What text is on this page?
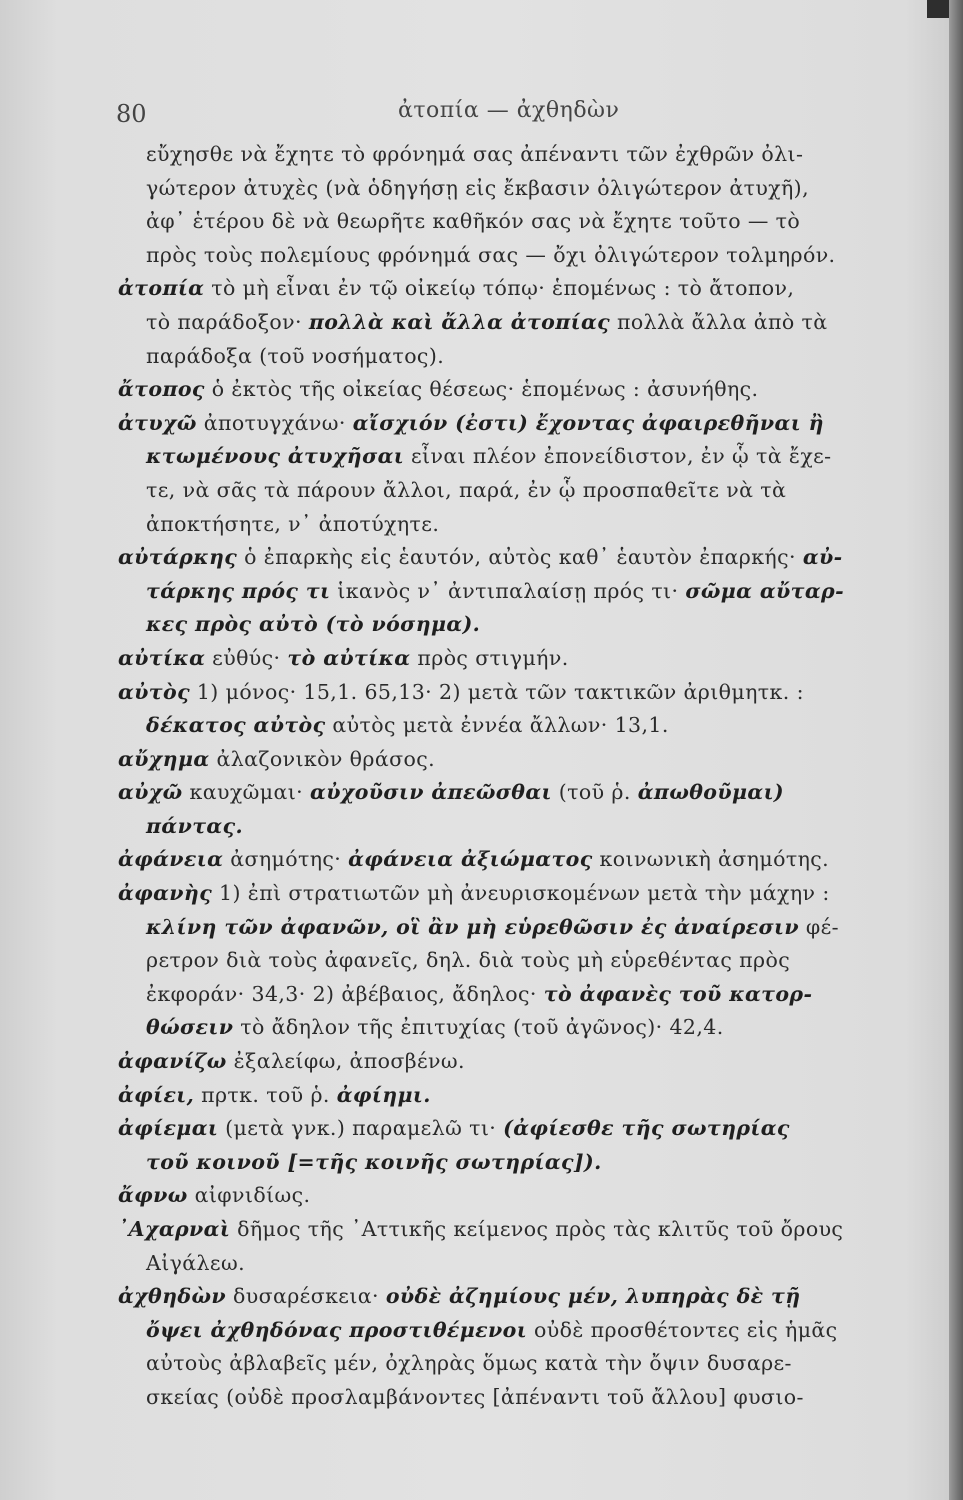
80	ἀτοπία — ἀχθηδὼν
εὔχησθε νὰ ἔχητε τὸ φρόνημά σας ἀπέναντι τῶν ἐχθρῶν ὀλι-
γώτερον ἀτυχὲς (νὰ ὁδηγήσῃ εἰς ἔκβασιν ὀλιγώτερον ἀτυχῆ),
ἀφ᾽ ἑτέρου δὲ νὰ θεωρῆτε καθῆκόν σας νὰ ἔχητε τοῦτο — τὸ
πρὸς τοὺς πολεμίους φρόνημά σας — ὄχι ὀλιγώτερον τολμηρόν.
ἀτοπία τὸ μὴ εἶναι ἐν τῷ οἰκείῳ τόπῳ· ἑπομένως : τὸ ἄτοπον,
τὸ παράδοξον· πολλὰ καὶ ἄλλα ἀτοπίας πολλὰ ἄλλα ἀπὸ τὰ
παράδοξα (τοῦ νοσήματος).
ἄτοπος ὁ ἐκτὸς τῆς οἰκείας θέσεως· ἑπομένως : ἀσυνήθης.
ἀτυχῶ ἀποτυγχάνω· αἴσχιόν (ἐστι) ἔχοντας ἀφαιρεθῆναι ἢ
κτωμένους ἀτυχῆσαι εἶναι πλέον ἐπονείδιστον, ἐν ᾧ τὰ ἔχε-
τε, νὰ σᾶς τὰ πάρουν ἄλλοι, παρά, ἐν ᾧ προσπαθεῖτε νὰ τὰ
ἀποκτήσητε, ν᾽ ἀποτύχητε.
αὐτάρκης ὁ ἐπαρκὴς εἰς ἑαυτόν, αὐτὸς καθ᾽ ἑαυτὸν ἐπαρκής· αὐ-
τάρκης πρός τι ἱκανὸς ν᾽ ἀντιπαλαίσῃ πρός τι· σῶμα αὔταρ-
κες πρὸς αὐτὸ (τὸ νόσημα).
αὐτίκα εὐθύς· τὸ αὐτίκα πρὸς στιγμήν.
αὐτὸς 1) μόνος· 15,1. 65,13· 2) μετὰ τῶν τακτικῶν ἀριθμητκ. :
δέκατος αὐτὸς αὐτὸς μετὰ ἐννέα ἄλλων· 13,1.
αὔχημα ἀλαζονικὸν θράσος.
αὐχῶ καυχῶμαι· αὐχοῦσιν ἀπεῶσθαι (τοῦ ῥ. ἀπωθοῦμαι)
πάντας.
ἀφάνεια ἀσημότης· ἀφάνεια ἀξιώματος κοινωνικὴ ἀσημότης.
ἀφανὴς 1) ἐπὶ στρατιωτῶν μὴ ἀνευρισκομένων μετὰ τὴν μάχην :
κλίνη τῶν ἀφανῶν, οἳ ἂν μὴ εὑρεθῶσιν ἐς ἀναίρεσιν φέ-
ρετρον διὰ τοὺς ἀφανεῖς, δηλ. διὰ τοὺς μὴ εὑρεθέντας πρὸς
ἐκφοράν· 34,3· 2) ἀβέβαιος, ἄδηλος· τὸ ἀφανὲς τοῦ κατορ-
θώσειν τὸ ἄδηλον τῆς ἐπιτυχίας (τοῦ ἀγῶνος)· 42,4.
ἀφανίζω ἐξαλείφω, ἀποσβένω.
ἀφίει, πρτκ. τοῦ ῥ. ἀφίημι.
ἀφίεμαι (μετὰ γνκ.) παραμελῶ τι· (ἀφίεσθε τῆς σωτηρίας
τοῦ κοινοῦ [=τῆς κοινῆς σωτηρίας]).
ἄφνω αἰφνιδίως.
᾿Αχαρναὶ δῆμος τῆς ᾿Αττικῆς κείμενος πρὸς τὰς κλιτῦς τοῦ ὄρους
Αἰγάλεω.
ἀχθηδὼν δυσαρέσκεια· οὐδὲ ἀζημίους μέν, λυπηρὰς δὲ τῇ
ὄψει ἀχθηδόνας προστιθέμενοι οὐδὲ προσθέτοντες εἰς ἡμᾶς
αὐτοὺς ἀβλαβεῖς μέν, ὀχληρὰς ὅμως κατὰ τὴν ὄψιν δυσαρε-
σκείας (οὐδὲ προσλαμβάνοντες [ἀπέναντι τοῦ ἄλλου] φυσιο-
